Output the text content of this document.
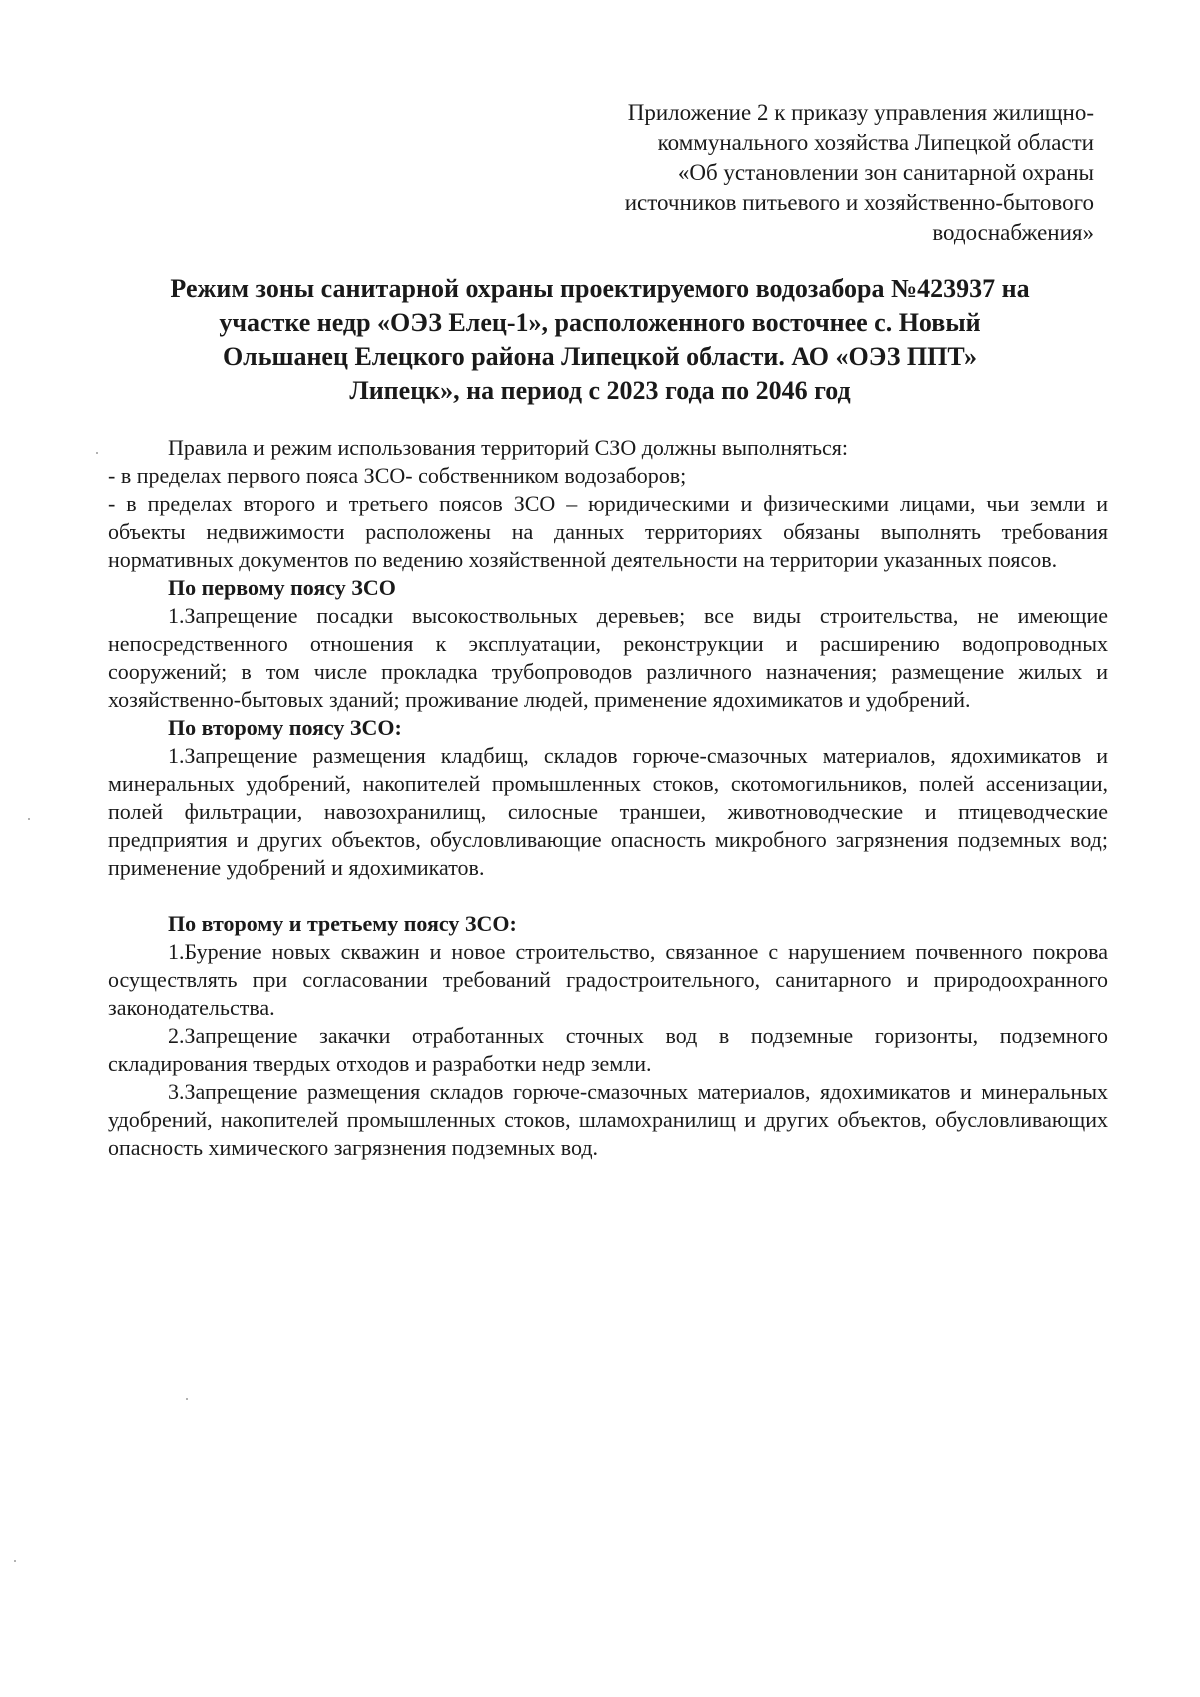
Приложение 2 к приказу управления жилищно-
коммунального хозяйства Липецкой области
«Об установлении зон санитарной охраны
источников питьевого и хозяйственно-бытового
водоснабжения»
Режим зоны санитарной охраны проектируемого водозабора №423937 на
участке недр «ОЭЗ Елец-1», расположенного восточнее с. Новый
Ольшанец Елецкого района Липецкой области. АО «ОЭЗ ППТ»
Липецк», на период с 2023 года по 2046 год

Правила и режим использования территорий СЗО должны выполняться:

- в пределах первого пояса ЗСО- собственником водозаборов;

- в пределах второго и третьего поясов ЗСО – юридическими и физическими лицами, чьи земли и объекты недвижимости расположены на данных территориях обязаны выполнять требования нормативных документов по ведению хозяйственной деятельности на территории указанных поясов.

По первому поясу ЗСО

1.Запрещение посадки высокоствольных деревьев; все виды строительства, не имеющие непосредственного отношения к эксплуатации, реконструкции и расширению водопроводных сооружений; в том числе прокладка трубопроводов различного назначения; размещение жилых и хозяйственно-бытовых зданий; проживание людей, применение ядохимикатов и удобрений.

По второму поясу ЗСО:

1.Запрещение размещения кладбищ, складов горюче-смазочных материалов, ядохимикатов и минеральных удобрений, накопителей промышленных стоков, скотомогильников, полей ассенизации, полей фильтрации, навозохранилищ, силосные траншеи, животноводческие и птицеводческие предприятия и других объектов, обусловливающие опасность микробного загрязнения подземных вод; применение удобрений и ядохимикатов.

По второму и третьему поясу ЗСО:

1.Бурение новых скважин и новое строительство, связанное с нарушением почвенного покрова осуществлять при согласовании требований градостроительного, санитарного и природоохранного законодательства.

2.Запрещение закачки отработанных сточных вод в подземные горизонты, подземного складирования твердых отходов и разработки недр земли.

3.Запрещение размещения складов горюче-смазочных материалов, ядохимикатов и минеральных удобрений, накопителей промышленных стоков, шламохранилищ и других объектов, обусловливающих опасность химического загрязнения подземных вод.
